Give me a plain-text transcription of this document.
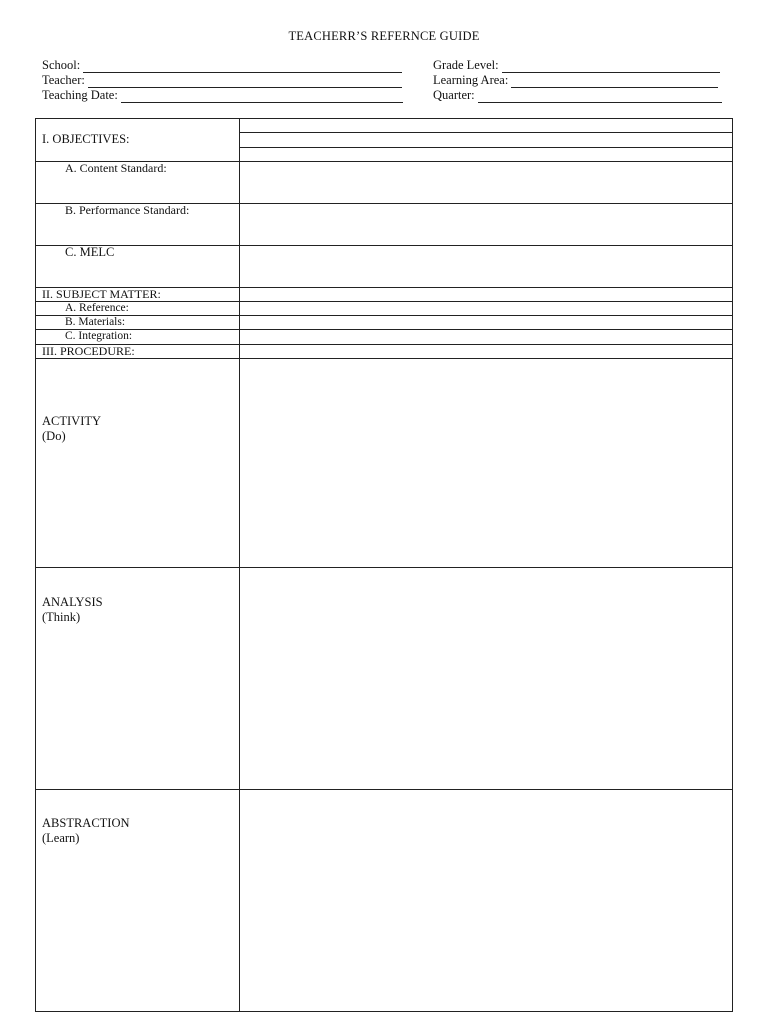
TEACHERR’S REFERNCE GUIDE
School:	Grade Level:
Teacher:	Learning Area:
Teaching Date:	Quarter:
I. OBJECTIVES:
A. Content Standard:
B. Performance Standard:
C. MELC
II. SUBJECT MATTER:
A. Reference:
B. Materials:
C. Integration:
III. PROCEDURE:
ACTIVITY
(Do)
ANALYSIS
(Think)
ABSTRACTION
(Learn)
